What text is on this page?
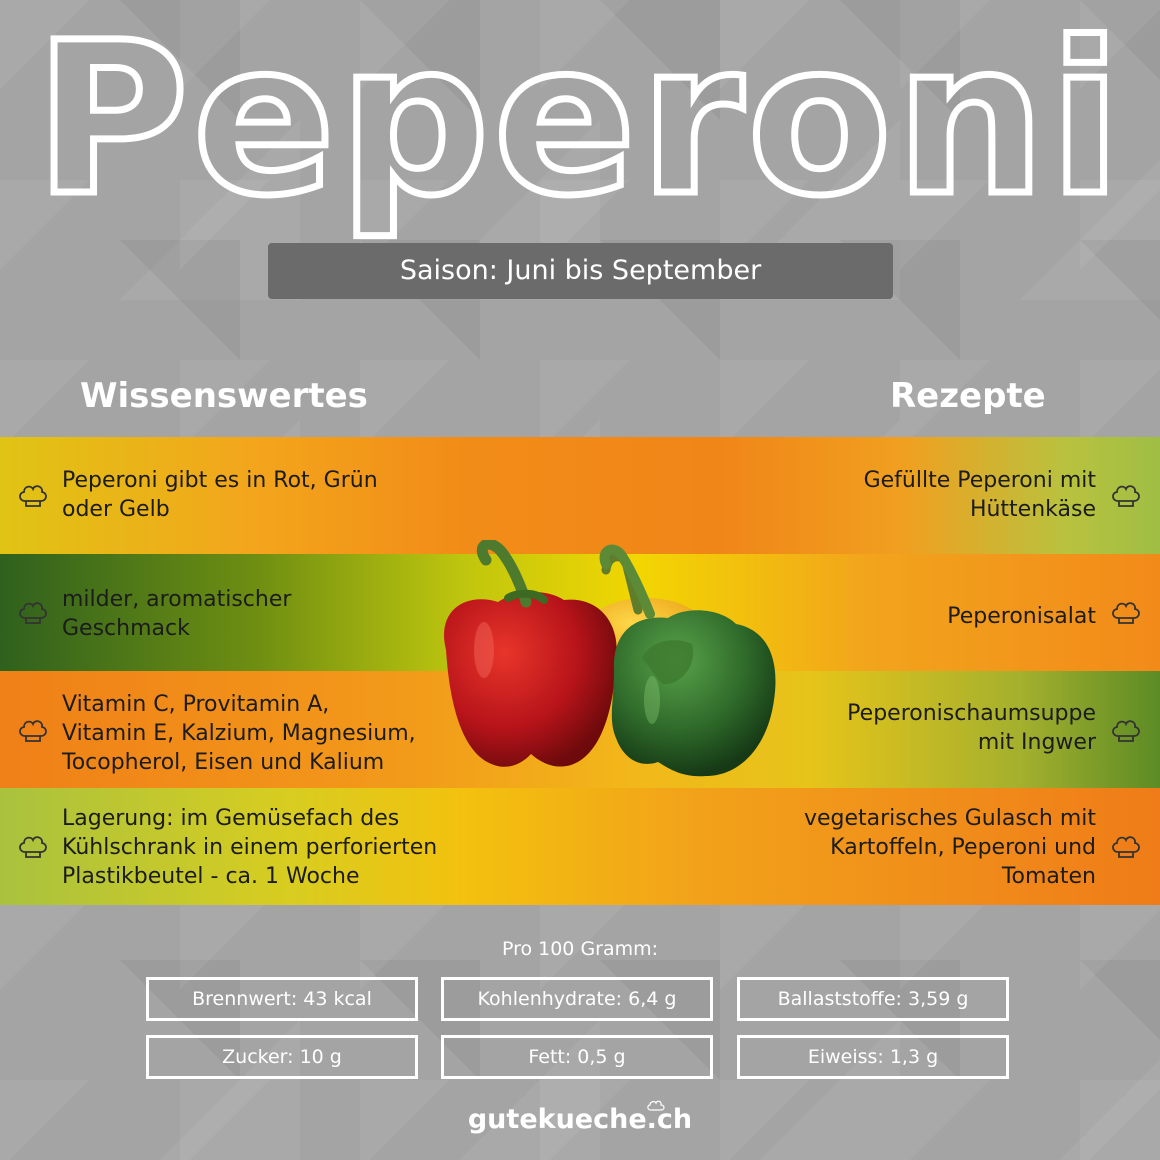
Peperoni
Saison: Juni bis September
Wissenswertes	Rezepte
Peperoni gibt es in Rot, Grün
oder Gelb
milder, aromatischer
Geschmack
Vitamin C, Provitamin A,
Vitamin E, Kalzium, Magnesium,
Tocopherol, Eisen und Kalium
Lagerung: im Gemüsefach des
Kühlschrank in einem perforierten
Plastikbeutel - ca. 1 Woche
Gefüllte Peperoni mit
Hüttenkäse
Peperonisalat
Peperonischaumsuppe
mit Ingwer
vegetarisches Gulasch mit
Kartoffeln, Peperoni und
Tomaten
Pro 100 Gramm:
Brennwert: 43 kcal	Kohlenhydrate: 6,4 g	Ballaststoffe: 3,59 g
Zucker: 10 g	Fett: 0,5 g	Eiweiss: 1,3 g
gutekueche.ch
